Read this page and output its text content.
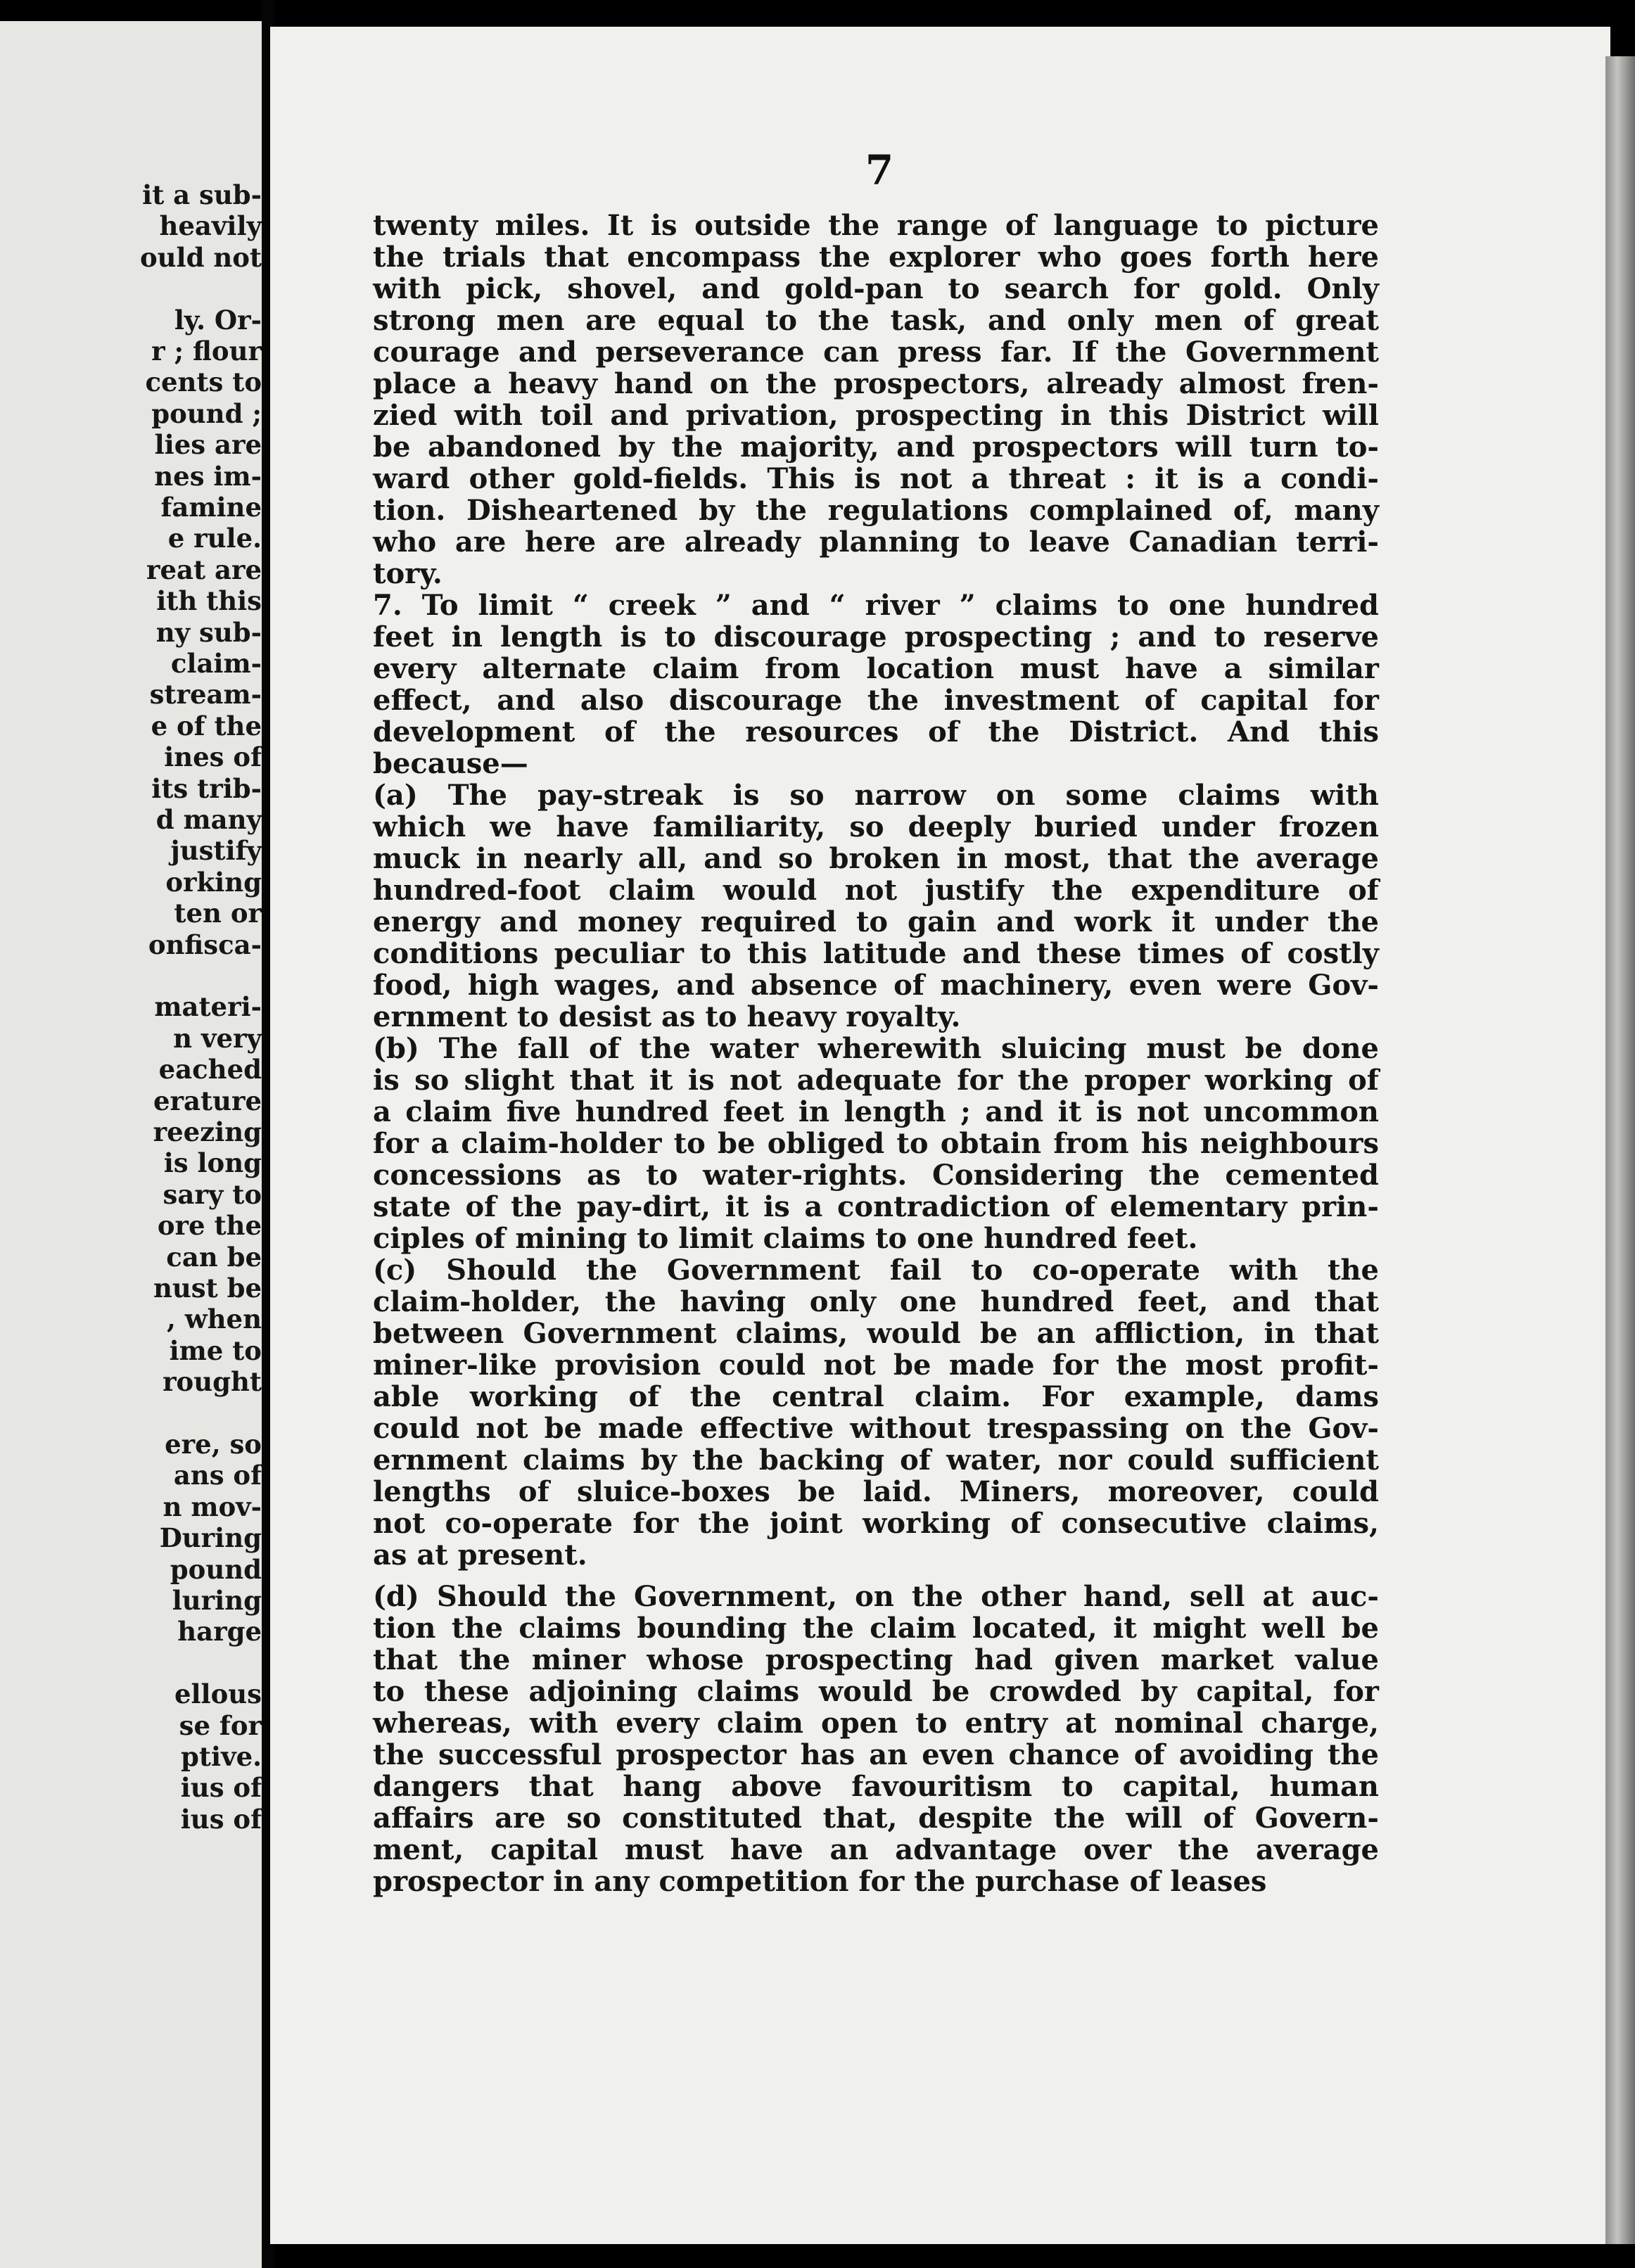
it a sub-
heavily
ould not
ly. Or-
r ; flour
cents to
pound ;
lies are
nes im-
famine
e rule.
reat are
ith this
ny sub-
claim-
stream-
e of the
ines of
its trib-
d many
justify
orking
ten or
onfisca-
materi-
n very
eached
erature
reezing
is long
sary to
ore the
can be
nust be
, when
ime to
rought
ere, so
ans of
n mov-
During
pound
luring
harge
ellous
se for
ptive.
ius of
ius of
7
twenty miles. It is outside the range of language to picture
the trials that encompass the explorer who goes forth here
with pick, shovel, and gold-pan to search for gold. Only
strong men are equal to the task, and only men of great
courage and perseverance can press far. If the Government
place a heavy hand on the prospectors, already almost fren-
zied with toil and privation, prospecting in this District will
be abandoned by the majority, and prospectors will turn to-
ward other gold-fields. This is not a threat : it is a condi-
tion. Disheartened by the regulations complained of, many
who are here are already planning to leave Canadian terri-
tory.
7. To limit “ creek ” and “ river ” claims to one hundred
feet in length is to discourage prospecting ; and to reserve
every alternate claim from location must have a similar
effect, and also discourage the investment of capital for
development of the resources of the District. And this
because—
(a) The pay-streak is so narrow on some claims with
which we have familiarity, so deeply buried under frozen
muck in nearly all, and so broken in most, that the average
hundred-foot claim would not justify the expenditure of
energy and money required to gain and work it under the
conditions peculiar to this latitude and these times of costly
food, high wages, and absence of machinery, even were Gov-
ernment to desist as to heavy royalty.
(b) The fall of the water wherewith sluicing must be done
is so slight that it is not adequate for the proper working of
a claim five hundred feet in length ; and it is not uncommon
for a claim-holder to be obliged to obtain from his neighbours
concessions as to water-rights. Considering the cemented
state of the pay-dirt, it is a contradiction of elementary prin-
ciples of mining to limit claims to one hundred feet.
(c) Should the Government fail to co-operate with the
claim-holder, the having only one hundred feet, and that
between Government claims, would be an affliction, in that
miner-like provision could not be made for the most profit-
able working of the central claim. For example, dams
could not be made effective without trespassing on the Gov-
ernment claims by the backing of water, nor could sufficient
lengths of sluice-boxes be laid. Miners, moreover, could
not co-operate for the joint working of consecutive claims,
as at present.
(d) Should the Government, on the other hand, sell at auc-
tion the claims bounding the claim located, it might well be
that the miner whose prospecting had given market value
to these adjoining claims would be crowded by capital, for
whereas, with every claim open to entry at nominal charge,
the successful prospector has an even chance of avoiding the
dangers that hang above favouritism to capital, human
affairs are so constituted that, despite the will of Govern-
ment, capital must have an advantage over the average
prospector in any competition for the purchase of leases
